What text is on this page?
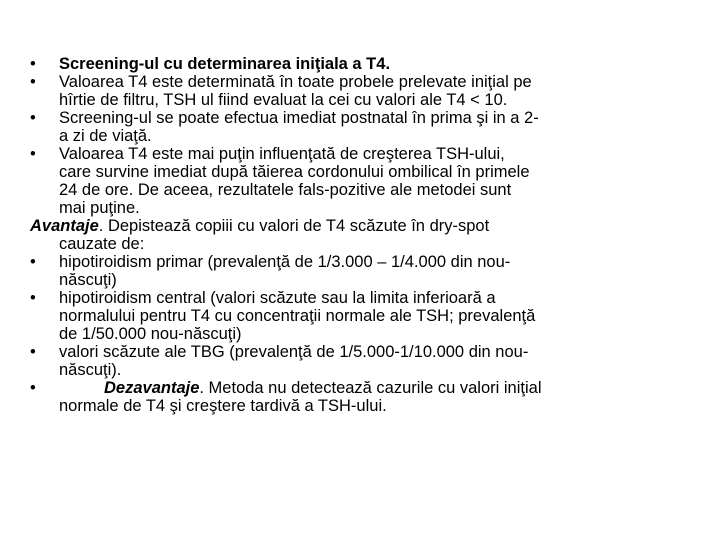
•	Screening-ul cu determinarea iniţiala a T4.
•	Valoarea T4 este determinată în toate probele prelevate iniţial pe
hîrtie de filtru, TSH ul fiind evaluat la cei cu valori ale T4 < 10.
•	Screening-ul se poate efectua imediat postnatal în prima şi in a 2-
a zi de viaţă.
•	Valoarea T4 este mai puţin influenţată de creşterea TSH-ului,
care survine imediat după tăierea cordonului ombilical în primele
24 de ore. De aceea, rezultatele fals-pozitive ale metodei sunt
mai puţine.
Avantaje. Depistează copiii cu valori de T4 scăzute în dry-spot
cauzate de:
•	hipotiroidism primar (prevalenţă de 1/3.000 – 1/4.000 din nou-
născuţi)
•	hipotiroidism central (valori scăzute sau la limita inferioară a
normalului pentru T4 cu concentraţii normale ale TSH; prevalenţă
de 1/50.000 nou-născuţi)
•	valori scăzute ale TBG (prevalenţă de 1/5.000-1/10.000 din nou-
născuţi).
•	Dezavantaje. Metoda nu detectează cazurile cu valori iniţial
normale de T4 şi creştere tardivă a TSH-ului.
